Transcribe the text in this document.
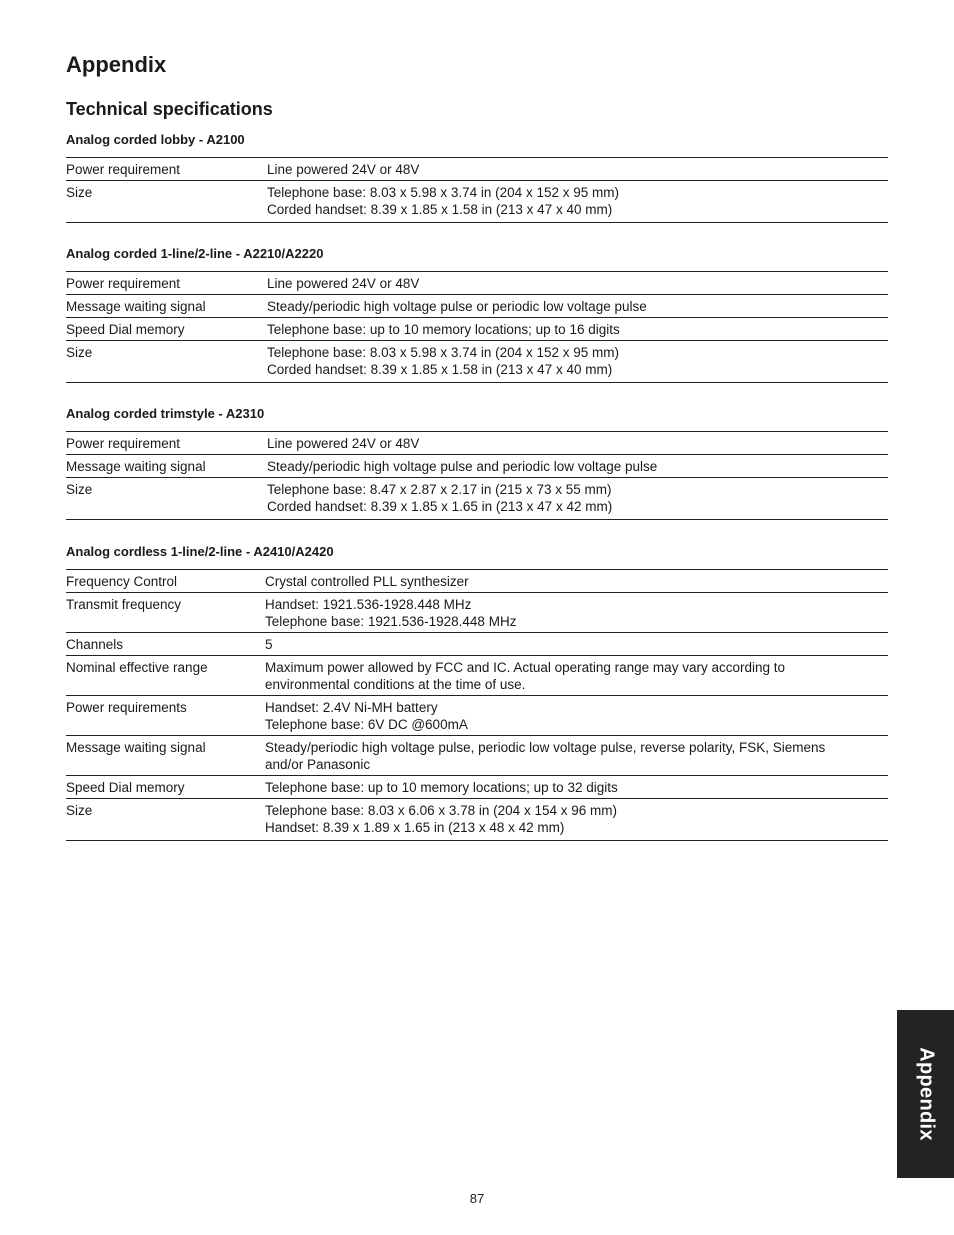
Appendix
Technical specifications
Analog corded lobby - A2100
Power requirement	Line powered 24V or 48V
Size	Telephone base: 8.03 x 5.98 x 3.74 in (204 x 152 x 95 mm)
Corded handset: 8.39 x 1.85 x 1.58 in (213 x 47 x 40 mm)
Analog corded 1-line/2-line - A2210/A2220
Power requirement	Line powered 24V or 48V
Message waiting signal	Steady/periodic high voltage pulse or periodic low voltage pulse
Speed Dial memory	Telephone base: up to 10 memory locations; up to 16 digits
Size	Telephone base: 8.03 x 5.98 x 3.74 in (204 x 152 x 95 mm)
Corded handset: 8.39 x 1.85 x 1.58 in (213 x 47 x 40 mm)
Analog corded trimstyle - A2310
Power requirement	Line powered 24V or 48V
Message waiting signal	Steady/periodic high voltage pulse and periodic low voltage pulse
Size	Telephone base: 8.47 x 2.87 x 2.17 in (215 x 73 x 55 mm)
Corded handset: 8.39 x 1.85 x 1.65 in (213 x 47 x 42 mm)
Analog cordless 1-line/2-line - A2410/A2420
Frequency Control	Crystal controlled PLL synthesizer
Transmit frequency	Handset: 1921.536-1928.448 MHz
Telephone base: 1921.536-1928.448 MHz
Channels	5
Nominal effective range	Maximum power allowed by FCC and IC. Actual operating range may vary according to
environmental conditions at the time of use.
Power requirements	Handset: 2.4V Ni-MH battery
Telephone base: 6V DC @600mA
Message waiting signal	Steady/periodic high voltage pulse, periodic low voltage pulse, reverse polarity, FSK, Siemens
and/or Panasonic
Speed Dial memory	Telephone base: up to 10 memory locations; up to 32 digits
Size	Telephone base: 8.03 x 6.06 x 3.78 in (204 x 154 x 96 mm)
Handset: 8.39 x 1.89 x 1.65 in (213 x 48 x 42 mm)
Appendix
87
